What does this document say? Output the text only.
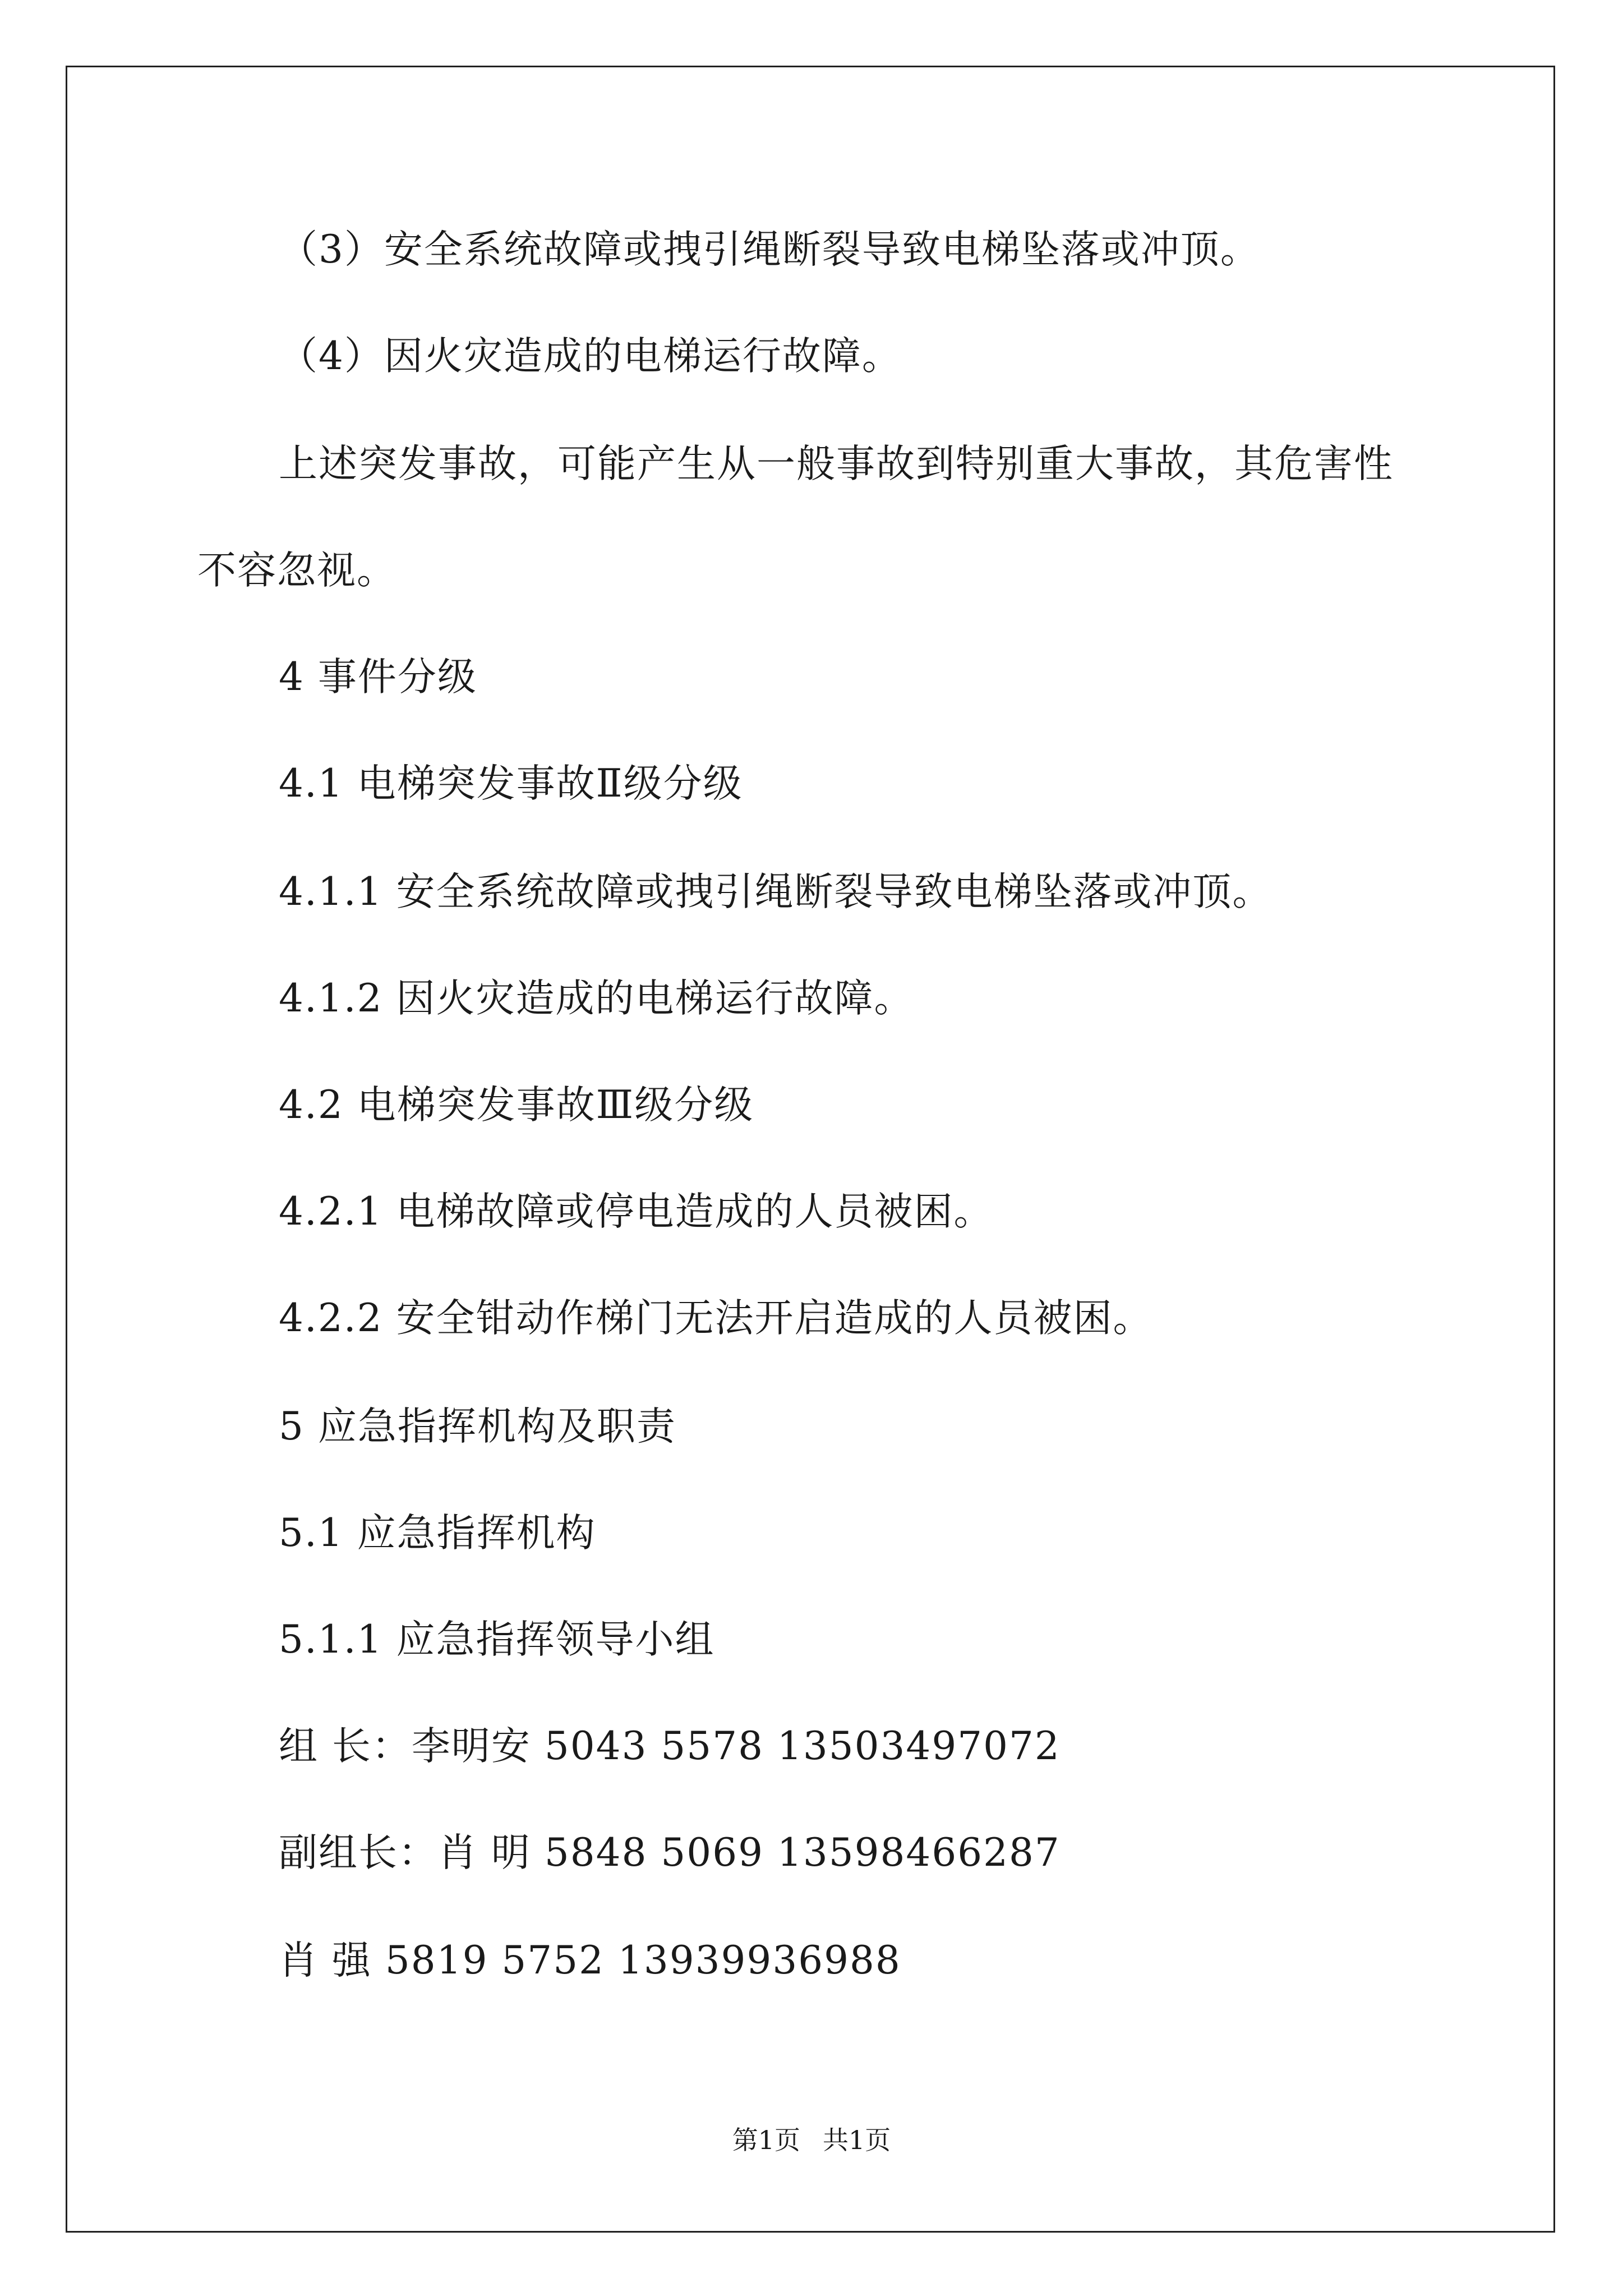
（3）安全系统故障或拽引绳断裂导致电梯坠落或冲顶。
（4）因火灾造成的电梯运行故障。
上述突发事故，可能产生从一般事故到特别重大事故，其危害性
不容忽视。
4 事件分级
4.1 电梯突发事故Ⅱ级分级
4.1.1 安全系统故障或拽引绳断裂导致电梯坠落或冲顶。
4.1.2 因火灾造成的电梯运行故障。
4.2 电梯突发事故Ⅲ级分级
4.2.1 电梯故障或停电造成的人员被困。
4.2.2 安全钳动作梯门无法开启造成的人员被困。
5 应急指挥机构及职责
5.1 应急指挥机构
5.1.1 应急指挥领导小组
组 长：李明安 5043 5578 13503497072
副组长：肖 明 5848 5069 13598466287
肖 强 5819 5752 13939936988
第1页 共1页
